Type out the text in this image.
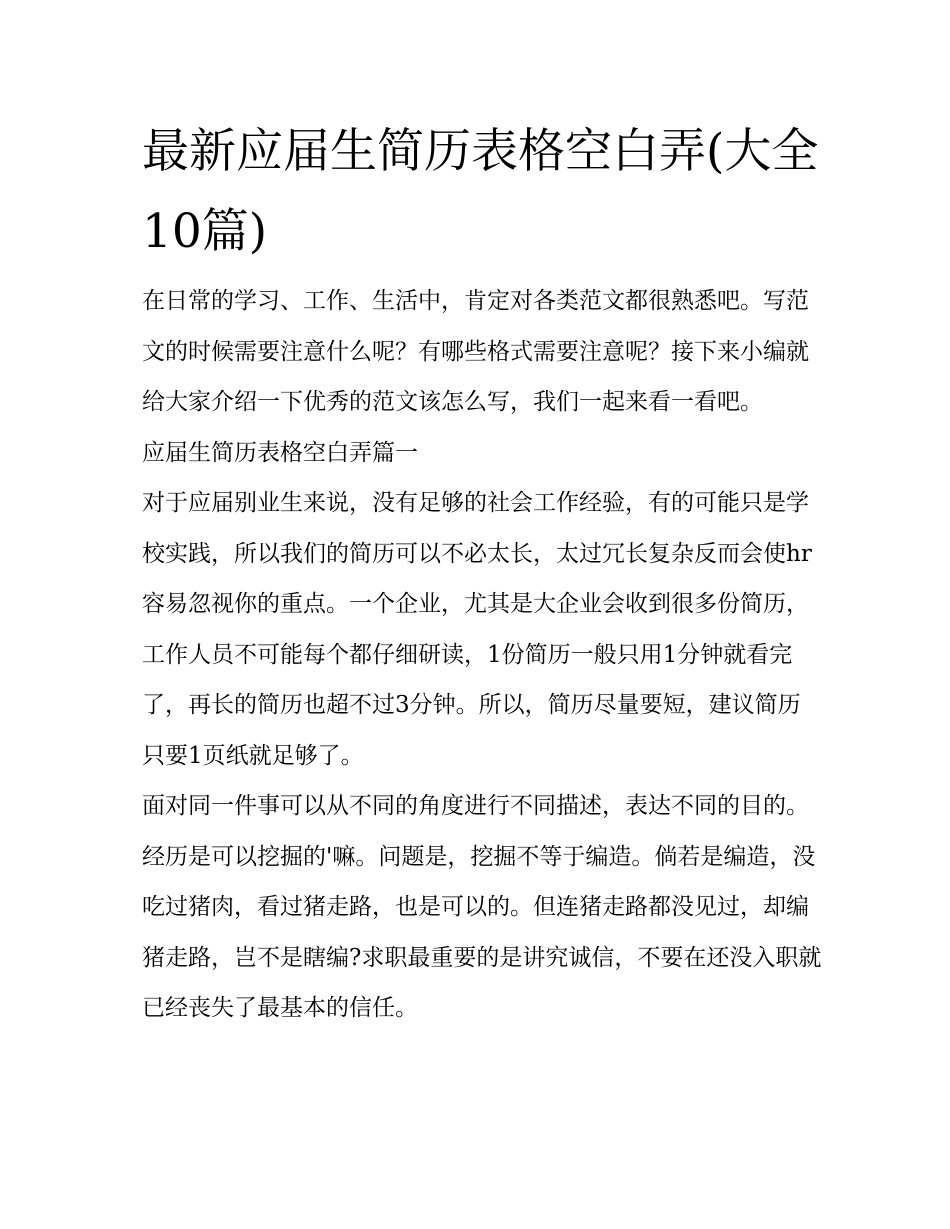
最新应届生简历表格空白弄(大全10篇)

在日常的学习、工作、生活中，肯定对各类范文都很熟悉吧。写范文的时候需要注意什么呢？有哪些格式需要注意呢？接下来小编就给大家介绍一下优秀的范文该怎么写，我们一起来看一看吧。

应届生简历表格空白弄篇一

对于应届别业生来说，没有足够的社会工作经验，有的可能只是学校实践，所以我们的简历可以不必太长，太过冗长复杂反而会使hr容易忽视你的重点。一个企业，尤其是大企业会收到很多份简历，工作人员不可能每个都仔细研读，1份简历一般只用1分钟就看完了，再长的简历也超不过3分钟。所以，简历尽量要短，建议简历只要1页纸就足够了。

面对同一件事可以从不同的角度进行不同描述，表达不同的目的。经历是可以挖掘的'嘛。问题是，挖掘不等于编造。倘若是编造，没吃过猪肉，看过猪走路，也是可以的。但连猪走路都没见过，却编猪走路，岂不是瞎编?求职最重要的是讲究诚信，不要在还没入职就已经丧失了最基本的信任。
